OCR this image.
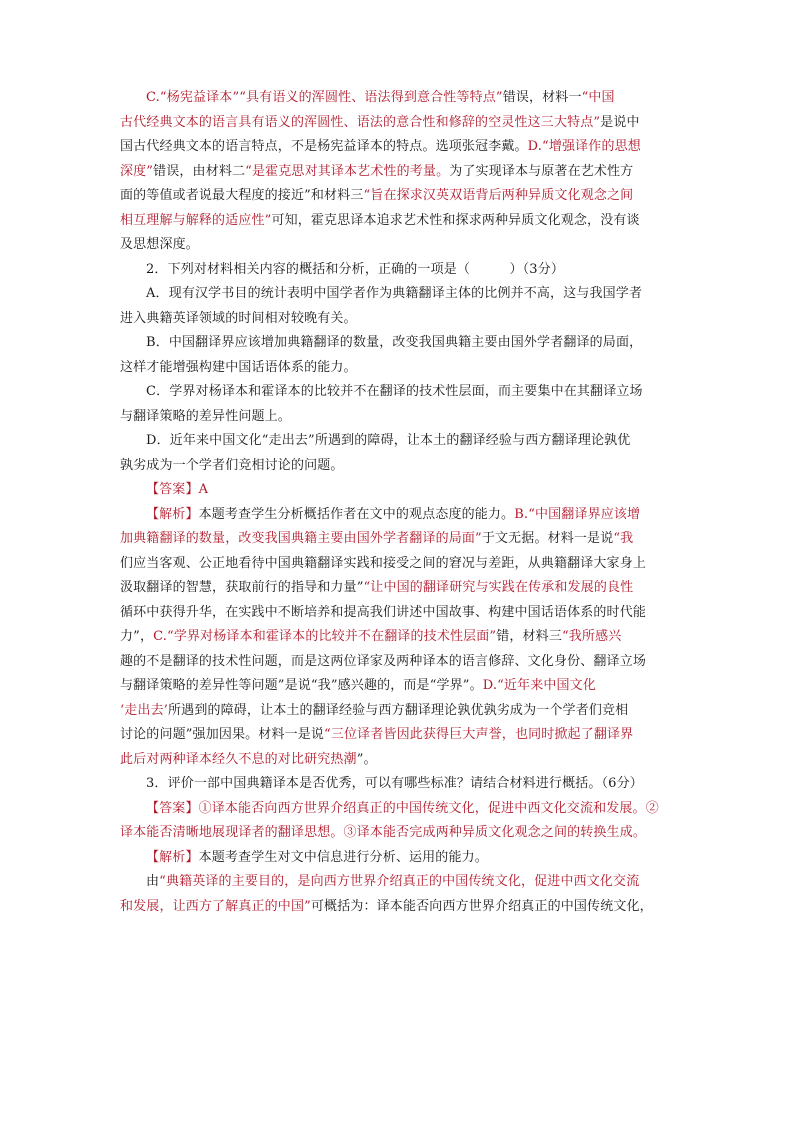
C.“杨宪益译本”“具有语义的浑圆性、语法得到意合性等特点”错误，材料一“中国
古代经典文本的语言具有语义的浑圆性、语法的意合性和修辞的空灵性这三大特点”是说中
国古代经典文本的语言特点，不是杨宪益译本的特点。选项张冠李戴。D.“增强译作的思想
深度”错误，由材料二“是霍克思对其译本艺术性的考量。为了实现译本与原著在艺术性方
面的等值或者说最大程度的接近”和材料三“旨在探求汉英双语背后两种异质文化观念之间
相互理解与解释的适应性”可知，霍克思译本追求艺术性和探求两种异质文化观念，没有谈
及思想深度。
2．下列对材料相关内容的概括和分析，正确的一项是（　　　）（3分）
A．现有汉学书目的统计表明中国学者作为典籍翻译主体的比例并不高，这与我国学者
进入典籍英译领域的时间相对较晚有关。
B．中国翻译界应该增加典籍翻译的数量，改变我国典籍主要由国外学者翻译的局面，
这样才能增强构建中国话语体系的能力。
C．学界对杨译本和霍译本的比较并不在翻译的技术性层面，而主要集中在其翻译立场
与翻译策略的差异性问题上。
D．近年来中国文化“走出去”所遇到的障碍，让本土的翻译经验与西方翻译理论孰优
孰劣成为一个学者们竞相讨论的问题。
【答案】A
【解析】本题考查学生分析概括作者在文中的观点态度的能力。B.“中国翻译界应该增
加典籍翻译的数量，改变我国典籍主要由国外学者翻译的局面”于文无据。材料一是说“我
们应当客观、公正地看待中国典籍翻译实践和接受之间的窘况与差距，从典籍翻译大家身上
汲取翻译的智慧，获取前行的指导和力量”“让中国的翻译研究与实践在传承和发展的良性
循环中获得升华，在实践中不断培养和提高我们讲述中国故事、构建中国话语体系的时代能
力”，C.“学界对杨译本和霍译本的比较并不在翻译的技术性层面”错，材料三“我所感兴
趣的不是翻译的技术性问题，而是这两位译家及两种译本的语言修辞、文化身份、翻译立场
与翻译策略的差异性等问题”是说“我”感兴趣的，而是“学界”。D.“近年来中国文化
‘走出去’所遇到的障碍，让本土的翻译经验与西方翻译理论孰优孰劣成为一个学者们竞相
讨论的问题”强加因果。材料一是说“三位译者皆因此获得巨大声誉，也同时掀起了翻译界
此后对两种译本经久不息的对比研究热潮”。
3．评价一部中国典籍译本是否优秀，可以有哪些标准？请结合材料进行概括。（6分）
【答案】①译本能否向西方世界介绍真正的中国传统文化，促进中西文化交流和发展。②
译本能否清晰地展现译者的翻译思想。③译本能否完成两种异质文化观念之间的转换生成。
【解析】本题考查学生对文中信息进行分析、运用的能力。
由“典籍英译的主要目的，是向西方世界介绍真正的中国传统文化，促进中西文化交流
和发展，让西方了解真正的中国”可概括为：译本能否向西方世界介绍真正的中国传统文化，
